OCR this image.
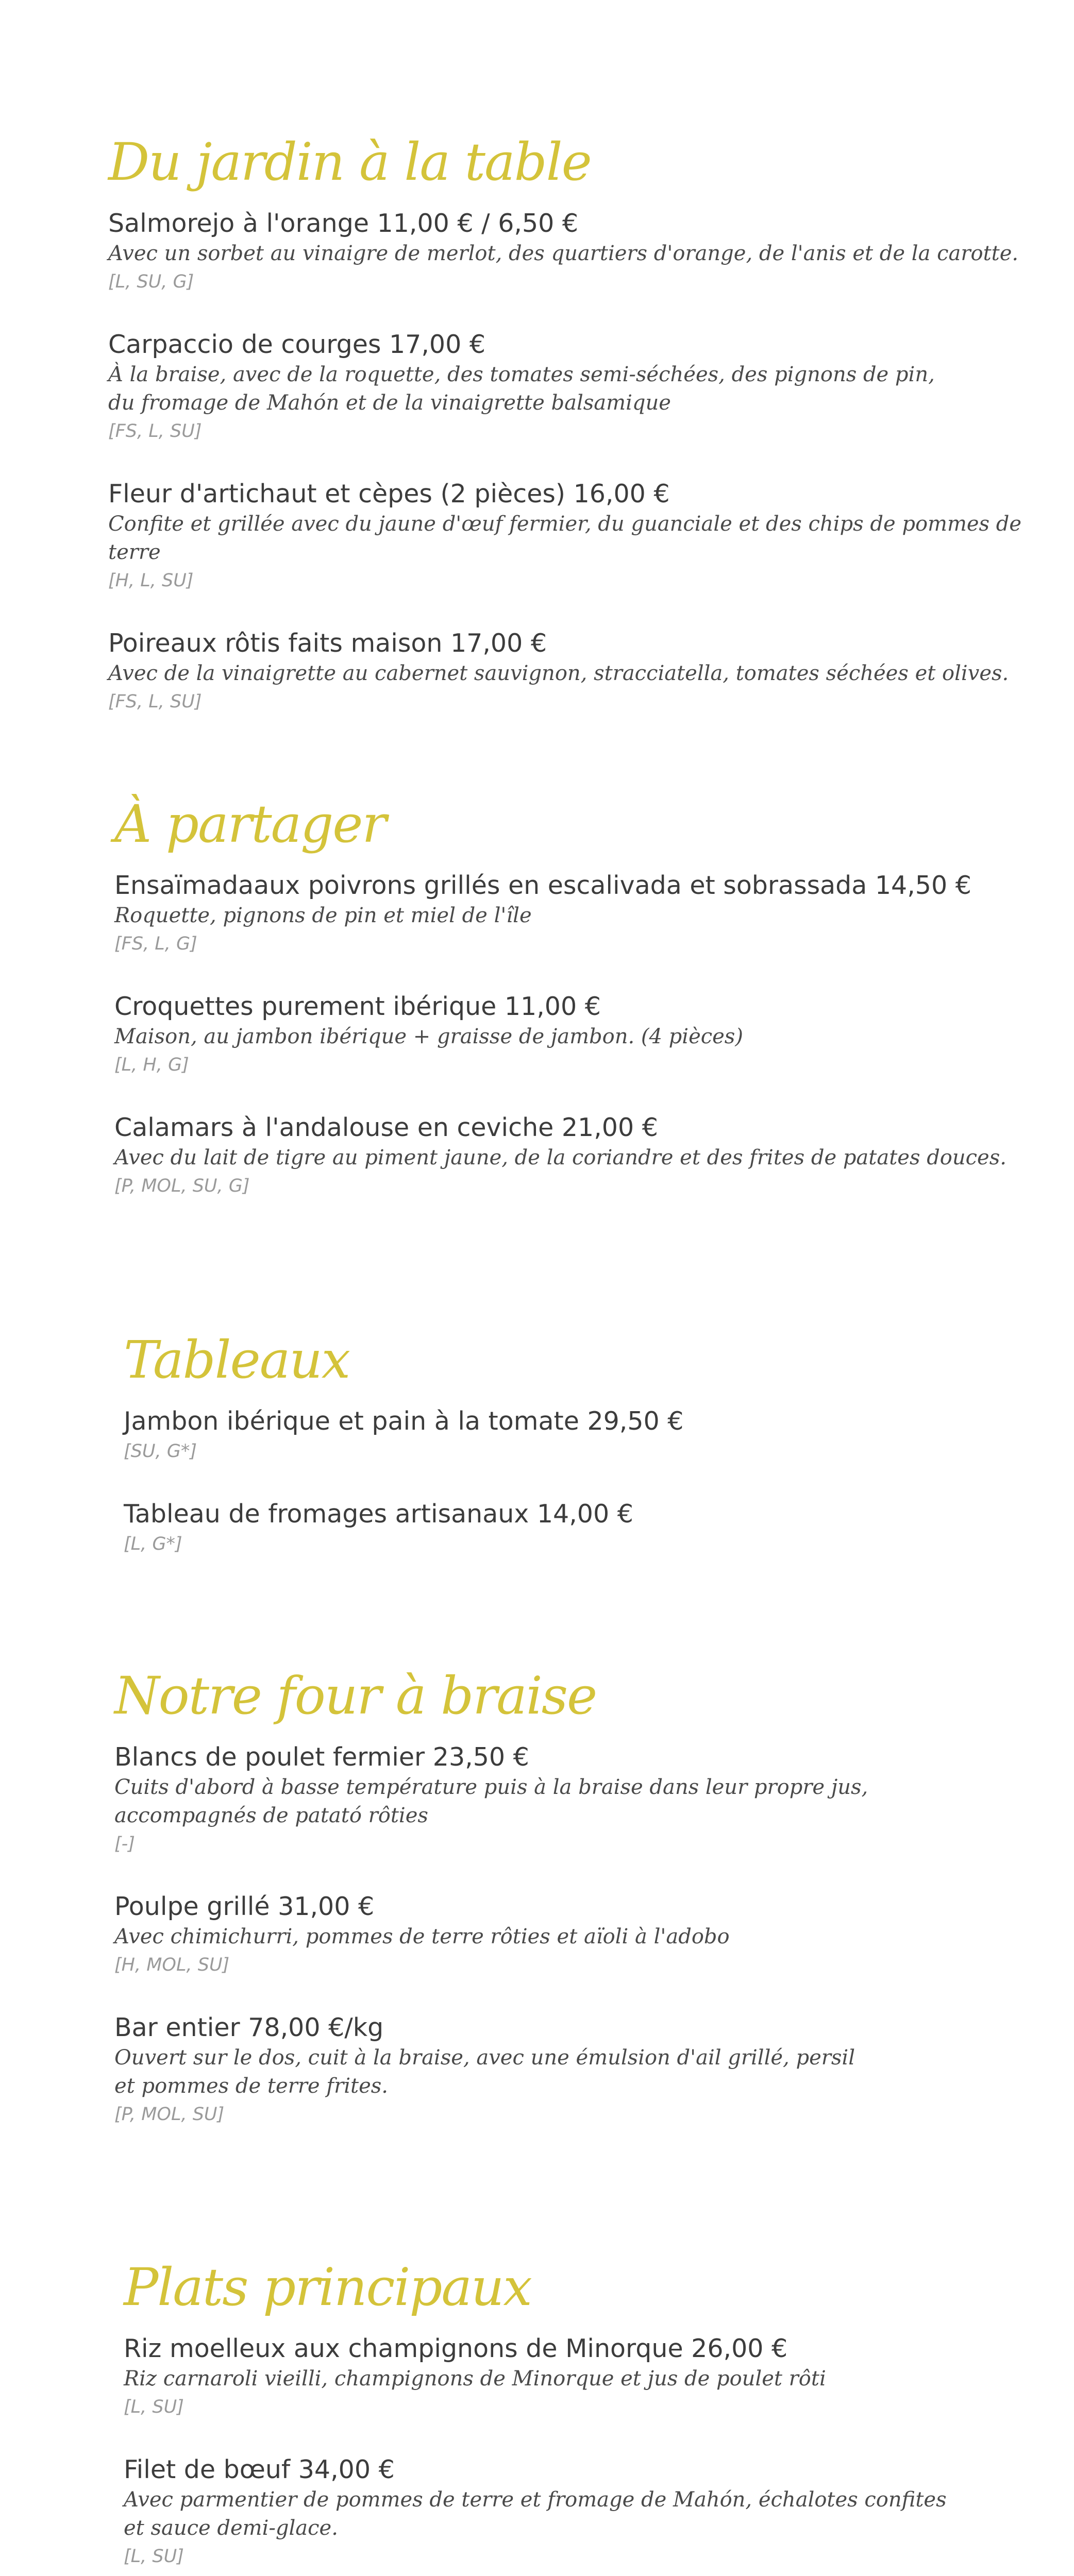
Du jardin à la table
Salmorejo à l'orange 11,00 € / 6,50 €
Avec un sorbet au vinaigre de merlot, des quartiers d'orange, de l'anis et de la carotte.
[L, SU, G]
Carpaccio de courges 17,00 €
À la braise, avec de la roquette, des tomates semi-séchées, des pignons de pin,
du fromage de Mahón et de la vinaigrette balsamique
[FS, L, SU]
Fleur d'artichaut et cèpes (2 pièces) 16,00 €
Confite et grillée avec du jaune d'œuf fermier, du guanciale et des chips de pommes de terre
[H, L, SU]
Poireaux rôtis faits maison 17,00 €
Avec de la vinaigrette au cabernet sauvignon, stracciatella, tomates séchées et olives.
[FS, L, SU]
À partager
Ensaïmadaaux poivrons grillés en escalivada et sobrassada 14,50 €
Roquette, pignons de pin et miel de l'île
[FS, L, G]
Croquettes purement ibérique 11,00 €
Maison, au jambon ibérique + graisse de jambon. (4 pièces)
[L, H, G]
Calamars à l'andalouse en ceviche 21,00 €
Avec du lait de tigre au piment jaune, de la coriandre et des frites de patates douces.
[P, MOL, SU, G]
Tableaux
Jambon ibérique et pain à la tomate 29,50 €
[SU, G*]
Tableau de fromages artisanaux 14,00 €
[L, G*]
Notre four à braise
Blancs de poulet fermier 23,50 €
Cuits d'abord à basse température puis à la braise dans leur propre jus,
accompagnés de patató rôties
[-]
Poulpe grillé 31,00 €
Avec chimichurri, pommes de terre rôties et aïoli à l'adobo
[H, MOL, SU]
Bar entier 78,00 €/kg
Ouvert sur le dos, cuit à la braise, avec une émulsion d'ail grillé, persil
et pommes de terre frites.
[P, MOL, SU]
Plats principaux
Riz moelleux aux champignons de Minorque 26,00 €
Riz carnaroli vieilli, champignons de Minorque et jus de poulet rôti
[L, SU]
Filet de bœuf 34,00 €
Avec parmentier de pommes de terre et fromage de Mahón, échalotes confites
et sauce demi-glace.
[L, SU]
